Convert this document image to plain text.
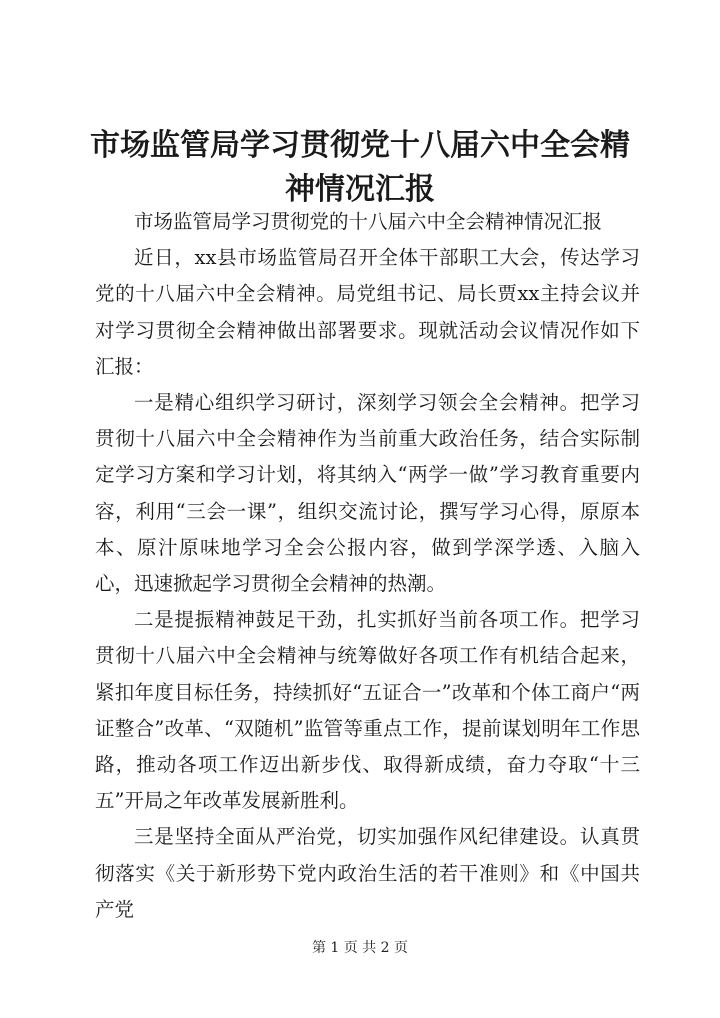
市场监管局学习贯彻党十八届六中全会精神情况汇报

市场监管局学习贯彻党的十八届六中全会精神情况汇报

近日，xx县市场监管局召开全体干部职工大会，传达学习党的十八届六中全会精神。局党组书记、局长贾xx主持会议并对学习贯彻全会精神做出部署要求。现就活动会议情况作如下汇报：

一是精心组织学习研讨，深刻学习领会全会精神。把学习贯彻十八届六中全会精神作为当前重大政治任务，结合实际制定学习方案和学习计划，将其纳入“两学一做”学习教育重要内容，利用“三会一课”，组织交流讨论，撰写学习心得，原原本本、原汁原味地学习全会公报内容，做到学深学透、入脑入心，迅速掀起学习贯彻全会精神的热潮。

二是提振精神鼓足干劲，扎实抓好当前各项工作。把学习贯彻十八届六中全会精神与统筹做好各项工作有机结合起来，紧扣年度目标任务，持续抓好“五证合一”改革和个体工商户“两证整合”改革、“双随机”监管等重点工作，提前谋划明年工作思路，推动各项工作迈出新步伐、取得新成绩，奋力夺取“十三五”开局之年改革发展新胜利。

三是坚持全面从严治党，切实加强作风纪律建设。认真贯彻落实《关于新形势下党内政治生活的若干准则》和《中国共产党

第 1 页 共 2 页
